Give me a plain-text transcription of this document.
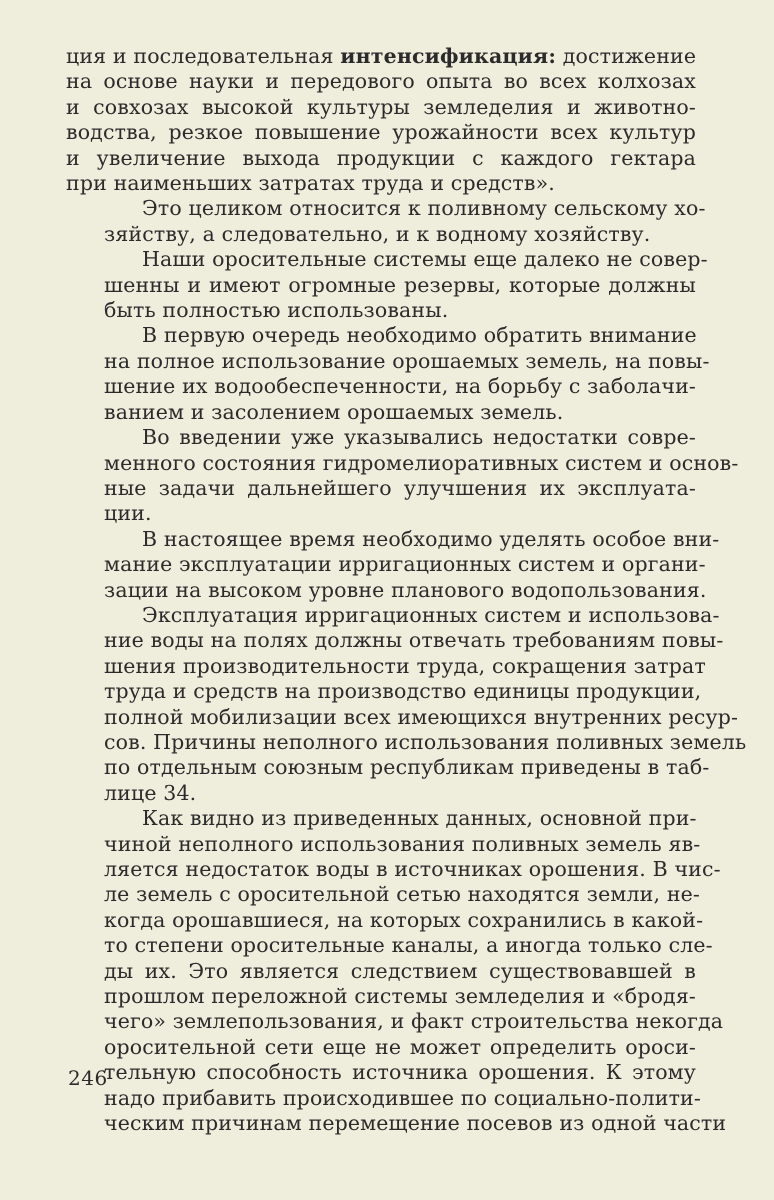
ция и последовательная интенсификация: достижение
на основе науки и передового опыта во всех колхозах
и совхозах высокой культуры земледелия и животно-
водства, резкое повышение урожайности всех культур
и увеличение выхода продукции с каждого гектара
при наименьших затратах труда и средств».

Это целиком относится к поливному сельскому хо-
зяйству, а следовательно, и к водному хозяйству.

Наши оросительные системы еще далеко не совер-
шенны и имеют огромные резервы, которые должны
быть полностью использованы.

В первую очередь необходимо обратить внимание
на полное использование орошаемых земель, на повы-
шение их водообеспеченности, на борьбу с заболачи-
ванием и засолением орошаемых земель.

Во введении уже указывались недостатки совре-
менного состояния гидромелиоративных систем и основ-
ные задачи дальнейшего улучшения их эксплуата-
ции.

В настоящее время необходимо уделять особое вни-
мание эксплуатации ирригационных систем и органи-
зации на высоком уровне планового водопользования.

Эксплуатация ирригационных систем и использова-
ние воды на полях должны отвечать требованиям повы-
шения производительности труда, сокращения затрат
труда и средств на производство единицы продукции,
полной мобилизации всех имеющихся внутренних ресур-
сов. Причины неполного использования поливных земель
по отдельным союзным республикам приведены в таб-
лице 34.

Как видно из приведенных данных, основной при-
чиной неполного использования поливных земель яв-
ляется недостаток воды в источниках орошения. В чис-
ле земель с оросительной сетью находятся земли, не-
когда орошавшиеся, на которых сохранились в какой-
то степени оросительные каналы, а иногда только сле-
ды их. Это является следствием существовавшей в
прошлом переложной системы земледелия и «бродя-
чего» землепользования, и факт строительства некогда
оросительной сети еще не может определить ороси-
тельную способность источника орошения. К этому
надо прибавить происходившее по социально-полити-
ческим причинам перемещение посевов из одной части

246
